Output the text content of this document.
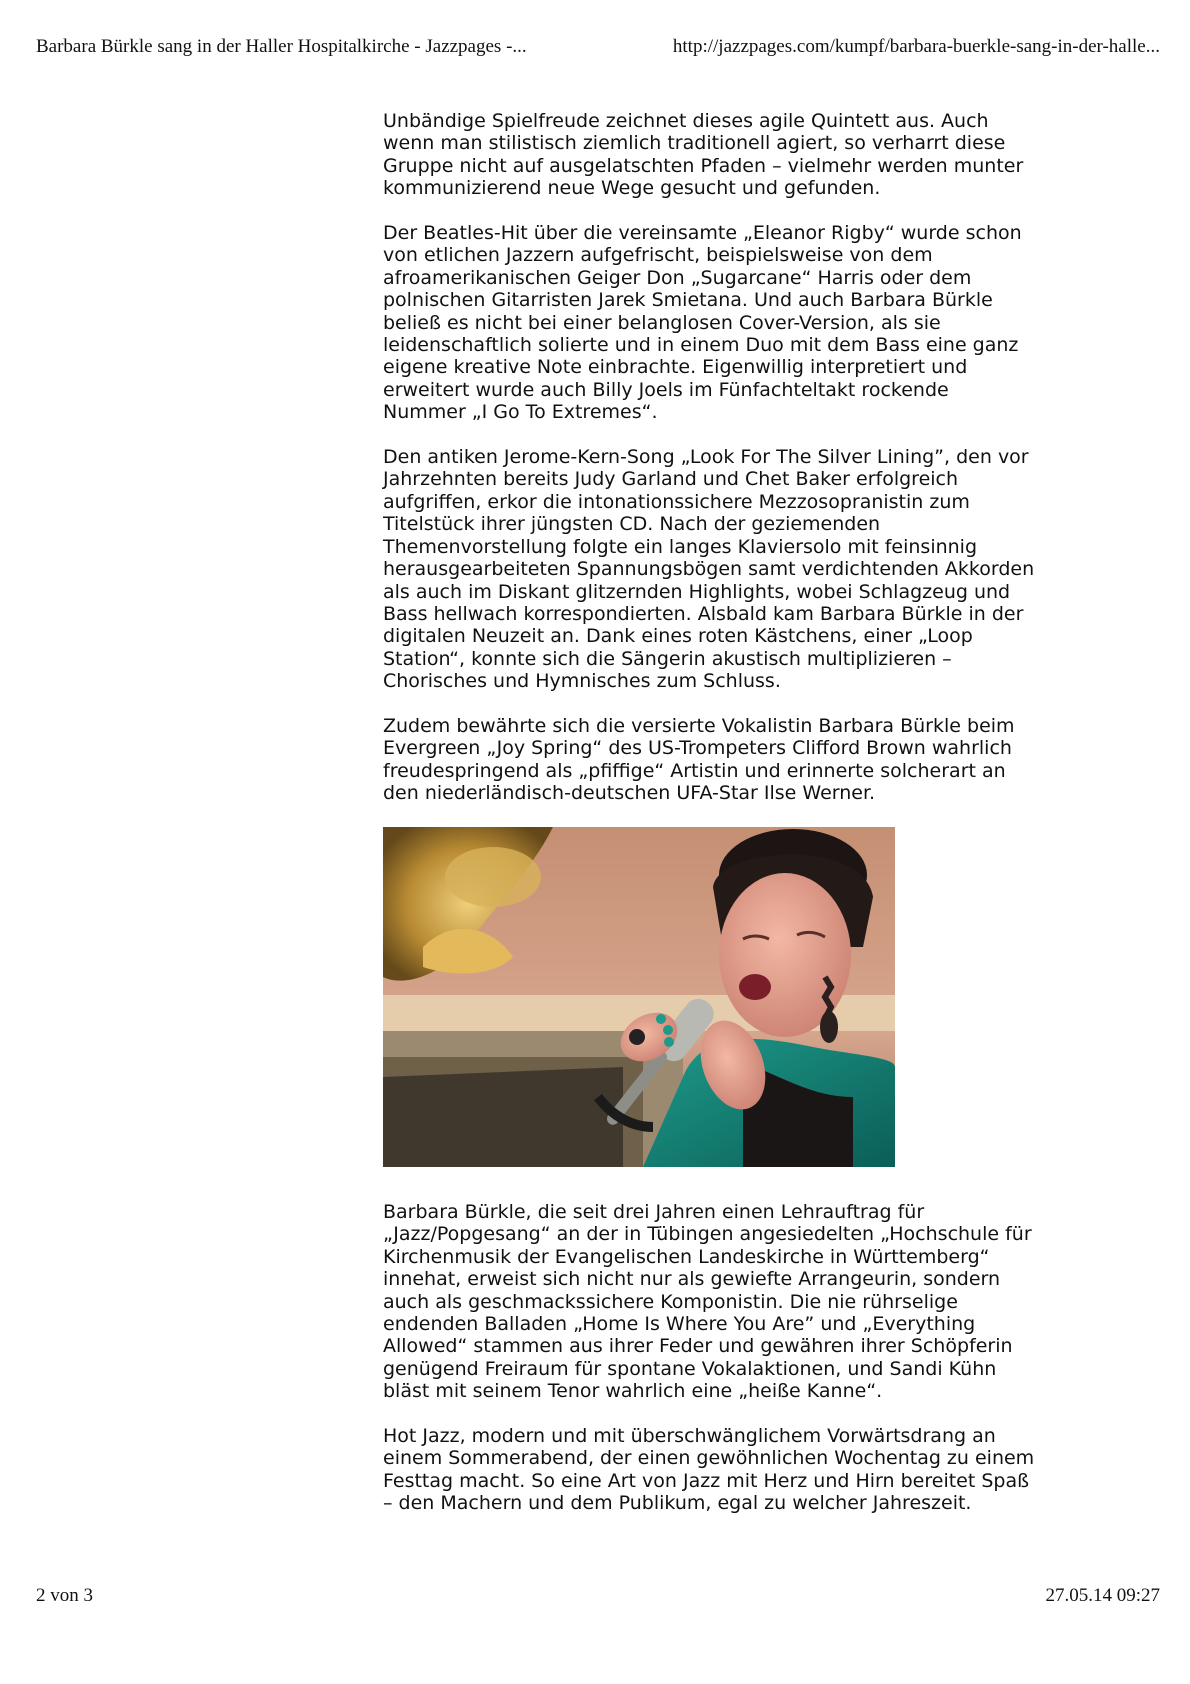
Barbara Bürkle sang in der Haller Hospitalkirche - Jazzpages -...	http://jazzpages.com/kumpf/barbara-buerkle-sang-in-der-halle...

Unbändige Spielfreude zeichnet dieses agile Quintett aus. Auch
wenn man stilistisch ziemlich traditionell agiert, so verharrt diese
Gruppe nicht auf ausgelatschten Pfaden – vielmehr werden munter
kommunizierend neue Wege gesucht und gefunden.

Der Beatles-Hit über die vereinsamte „Eleanor Rigby“ wurde schon
von etlichen Jazzern aufgefrischt, beispielsweise von dem
afroamerikanischen Geiger Don „Sugarcane“ Harris oder dem
polnischen Gitarristen Jarek Smietana. Und auch Barbara Bürkle
beließ es nicht bei einer belanglosen Cover-Version, als sie
leidenschaftlich solierte und in einem Duo mit dem Bass eine ganz
eigene kreative Note einbrachte. Eigenwillig interpretiert und
erweitert wurde auch Billy Joels im Fünfachteltakt rockende
Nummer „I Go To Extremes“.

Den antiken Jerome-Kern-Song „Look For The Silver Lining”, den vor
Jahrzehnten bereits Judy Garland und Chet Baker erfolgreich
aufgriffen, erkor die intonationssichere Mezzosopranistin zum
Titelstück ihrer jüngsten CD. Nach der geziemenden
Themenvorstellung folgte ein langes Klaviersolo mit feinsinnig
herausgearbeiteten Spannungsbögen samt verdichtenden Akkorden
als auch im Diskant glitzernden Highlights, wobei Schlagzeug und
Bass hellwach korrespondierten. Alsbald kam Barbara Bürkle in der
digitalen Neuzeit an. Dank eines roten Kästchens, einer „Loop
Station“, konnte sich die Sängerin akustisch multiplizieren –
Chorisches und Hymnisches zum Schluss.

Zudem bewährte sich die versierte Vokalistin Barbara Bürkle beim
Evergreen „Joy Spring“ des US-Trompeters Clifford Brown wahrlich
freudespringend als „pfiffige“ Artistin und erinnerte solcherart an
den niederländisch-deutschen UFA-Star Ilse Werner.

Barbara Bürkle, die seit drei Jahren einen Lehrauftrag für
„Jazz/Popgesang“ an der in Tübingen angesiedelten „Hochschule für
Kirchenmusik der Evangelischen Landeskirche in Württemberg“
innehat, erweist sich nicht nur als gewiefte Arrangeurin, sondern
auch als geschmackssichere Komponistin. Die nie rührselige
endenden Balladen „Home Is Where You Are” und „Everything
Allowed“ stammen aus ihrer Feder und gewähren ihrer Schöpferin
genügend Freiraum für spontane Vokalaktionen, und Sandi Kühn
bläst mit seinem Tenor wahrlich eine „heiße Kanne“.

Hot Jazz, modern und mit überschwänglichem Vorwärtsdrang an
einem Sommerabend, der einen gewöhnlichen Wochentag zu einem
Festtag macht. So eine Art von Jazz mit Herz und Hirn bereitet Spaß
– den Machern und dem Publikum, egal zu welcher Jahreszeit.

2 von 3	27.05.14 09:27
